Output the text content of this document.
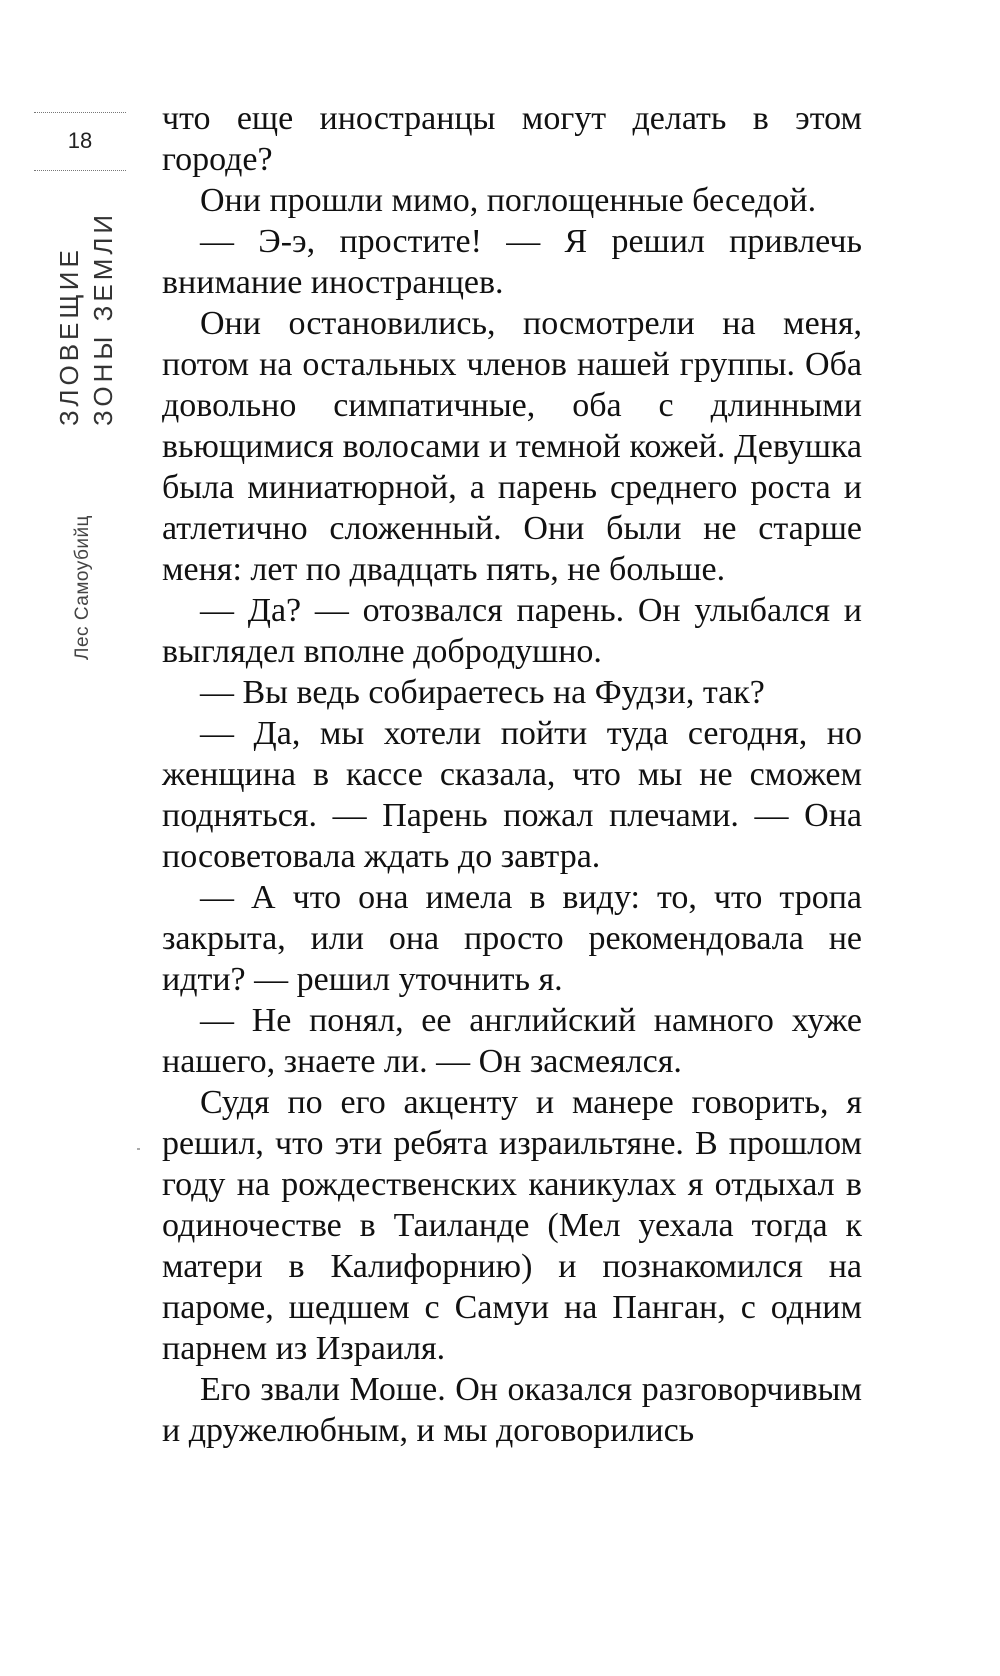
18
Лес Самоубийц
ЗЛОВЕЩИЕ ЗОНЫ ЗЕМЛИ

что еще иностранцы могут делать в этом городе?

Они прошли мимо, поглощенные беседой.

— Э-э, простите! — Я решил привлечь внимание иностранцев.

Они остановились, посмотрели на меня, потом на остальных членов нашей группы. Оба довольно симпатичные, оба с длинными вьющимися волосами и темной кожей. Девушка была миниатюрной, а парень среднего роста и атлетично сложенный. Они были не старше меня: лет по двадцать пять, не больше.

— Да? — отозвался парень. Он улыбался и выглядел вполне добродушно.

— Вы ведь собираетесь на Фудзи, так?

— Да, мы хотели пойти туда сегодня, но женщина в кассе сказала, что мы не сможем подняться. — Парень пожал плечами. — Она посоветовала ждать до завтра.

— А что она имела в виду: то, что тропа закрыта, или она просто рекомендовала не идти? — решил уточнить я.

— Не понял, ее английский намного хуже нашего, знаете ли. — Он засмеялся.

Судя по его акценту и манере говорить, я решил, что эти ребята израильтяне. В прошлом году на рождественских каникулах я отдыхал в одиночестве в Таиланде (Мел уехала тогда к матери в Калифорнию) и познакомился на пароме, шедшем с Самуи на Панган, с одним парнем из Израиля.

Его звали Моше. Он оказался разговорчивым и дружелюбным, и мы договорились
